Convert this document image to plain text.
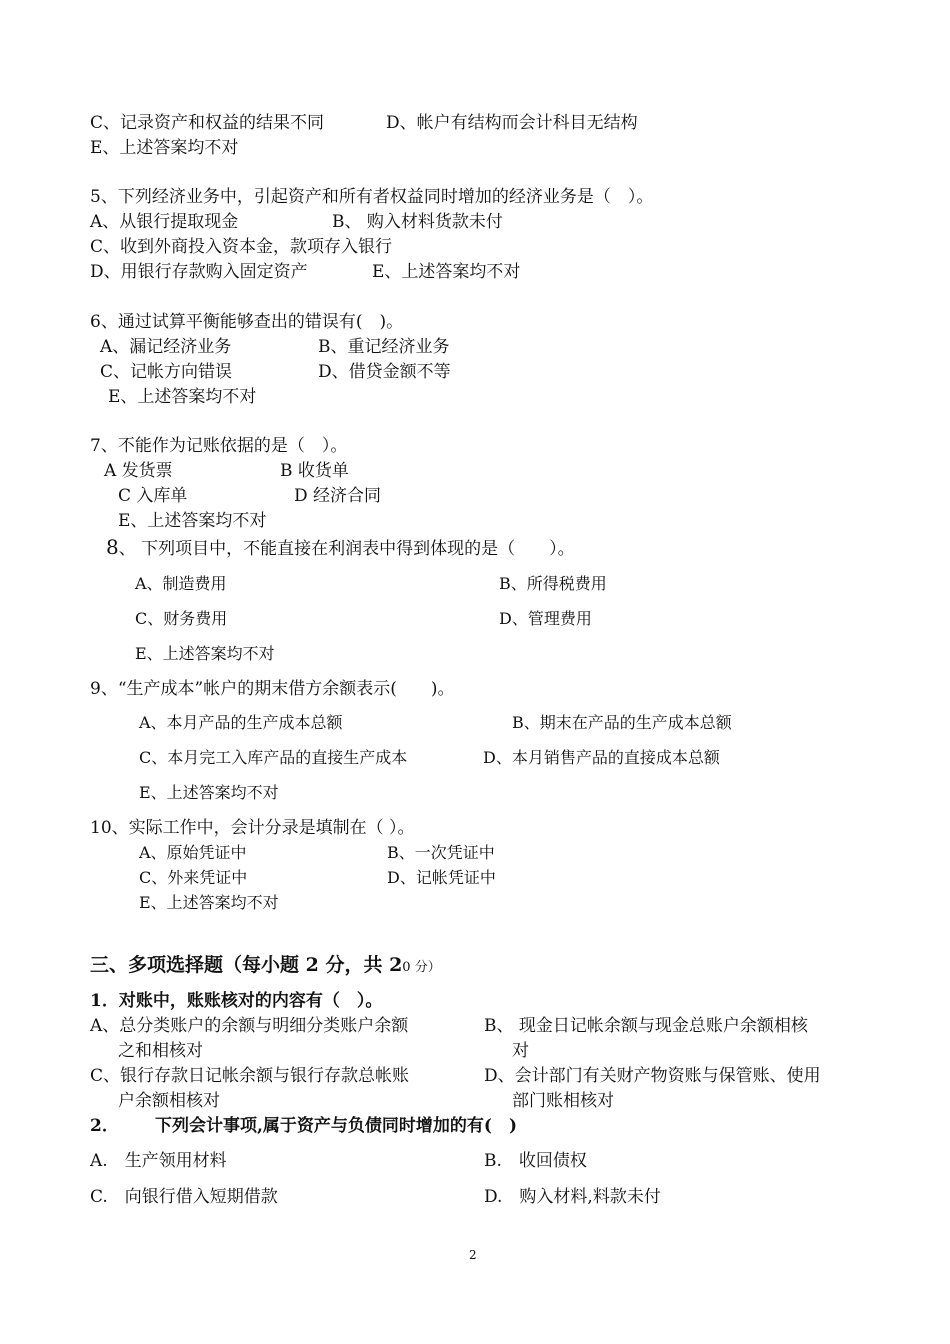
C、记录资产和权益的结果不同	D、帐户有结构而会计科目无结构
E、上述答案均不对
5、下列经济业务中，引起资产和所有者权益同时增加的经济业务是（　）。
A、从银行提取现金	B、 购入材料货款未付
C、收到外商投入资本金，款项存入银行
D、用银行存款购入固定资产	E、上述答案均不对
6、通过试算平衡能够查出的错误有(　)。
A、漏记经济业务	B、重记经济业务
C、记帐方向错误	D、借贷金额不等
E、上述答案均不对
7、不能作为记账依据的是（　）。
A 发货票	B 收货单
C 入库单	D 经济合同
E、上述答案均不对
8、 下列项目中，不能直接在利润表中得到体现的是（　　）。
A、制造费用	B、所得税费用
C、财务费用	D、管理费用
E、上述答案均不对
9、“生产成本”帐户的期末借方余额表示(　　)。
A、本月产品的生产成本总额	B、期末在产品的生产成本总额
C、本月完工入库产品的直接生产成本	D、本月销售产品的直接成本总额
E、上述答案均不对
10、实际工作中，会计分录是填制在（ ）。
A、原始凭证中	B、一次凭证中
C、外来凭证中	D、记帐凭证中
E、上述答案均不对
三、多项选择题（每小题 2 分，共 20 分）
1．对账中，账账核对的内容有（　）。
A、总分类账户的余额与明细分类账户余额
之和相核对
B、 现金日记帐余额与现金总账户余额相核
对
C、银行存款日记帐余额与银行存款总帐账
户余额相核对
D、会计部门有关财产物资账与保管账、使用
部门账相核对
2． 下列会计事项,属于资产与负债同时增加的有(　)
A.　生产领用材料	B.　收回债权
C.　向银行借入短期借款	D.　购入材料,料款未付
2
